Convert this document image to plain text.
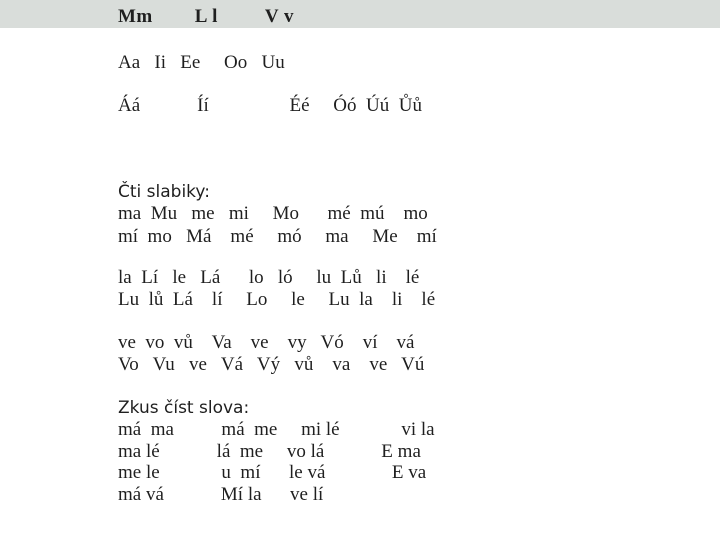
Mm        L l         V v
Aa   Ii   Ee     Oo   Uu
Áá            Íí                 Éé     Óó  Úú  Ůů
Čti slabiky:
ma  Mu   me   mi     Mo      mé  mú    mo
mí  mo   Má    mé     mó     ma     Me    mí
la  Lí   le   Lá      lo   ló     lu  Lů   li    lé
Lu  lů  Lá    lí     Lo     le     Lu  la    li    lé
ve  vo  vů    Va    ve    vy   Vó    ví    vá
Vo   Vu   ve   Vá   Vý   vů    va    ve   Vú
Zkus číst slova:
má  ma          má  me     mi lé             vi la
ma lé            lá  me     vo lá            E ma
me le             u  mí      le vá              E va
má vá            Mí la      ve lí
